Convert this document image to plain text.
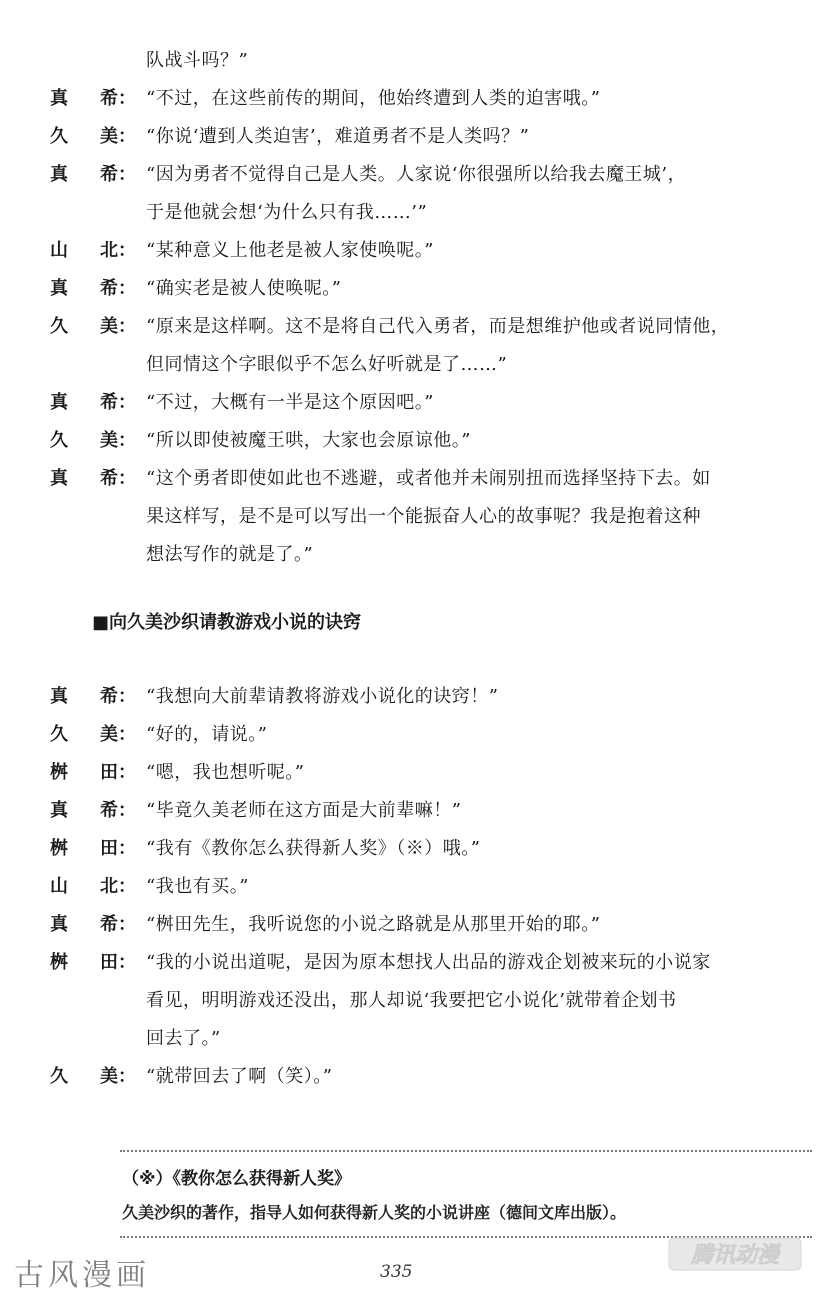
队战斗吗？”
真 希： “不过，在这些前传的期间，他始终遭到人类的迫害哦。”
久 美： “你说‘遭到人类迫害’，难道勇者不是人类吗？”
真 希： “因为勇者不觉得自己是人类。人家说‘你很强所以给我去魔王城’，
于是他就会想‘为什么只有我……’”
山 北： “某种意义上他老是被人家使唤呢。”
真 希： “确实老是被人使唤呢。”
久 美： “原来是这样啊。这不是将自己代入勇者，而是想维护他或者说同情他，
但同情这个字眼似乎不怎么好听就是了……”
真 希： “不过，大概有一半是这个原因吧。”
久 美： “所以即使被魔王哄，大家也会原谅他。”
真 希： “这个勇者即使如此也不逃避，或者他并未闹别扭而选择坚持下去。如
果这样写，是不是可以写出一个能振奋人心的故事呢？我是抱着这种
想法写作的就是了。”
■向久美沙织请教游戏小说的诀窍
真 希： “我想向大前辈请教将游戏小说化的诀窍！”
久 美： “好的，请说。”
桝 田： “嗯，我也想听呢。”
真 希： “毕竟久美老师在这方面是大前辈嘛！”
桝 田： “我有《教你怎么获得新人奖》（※）哦。”
山 北： “我也有买。”
真 希： “桝田先生，我听说您的小说之路就是从那里开始的耶。”
桝 田： “我的小说出道呢，是因为原本想找人出品的游戏企划被来玩的小说家
看见，明明游戏还没出，那人却说‘我要把它小说化’就带着企划书
回去了。”
久 美： “就带回去了啊（笑）。”
（※）《教你怎么获得新人奖》
久美沙织的著作，指导人如何获得新人奖的小说讲座（德间文库出版）。
古风漫画	335
腾讯动漫
